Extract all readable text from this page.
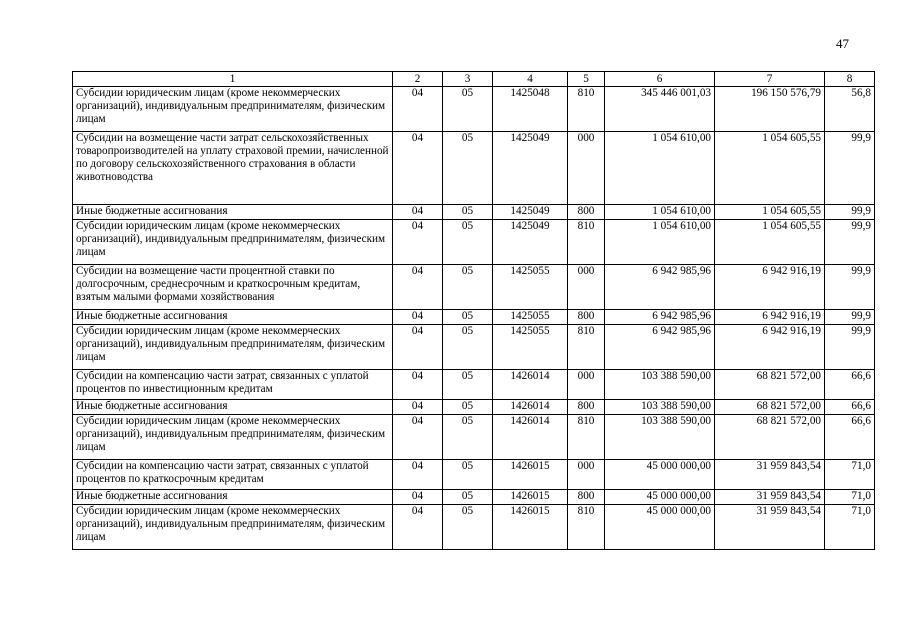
47
1	2	3	4	5	6	7	8
Субсидии юридическим лицам (кроме некоммерческих организаций), индивидуальным предпринимателям, физическим лицам	04	05	1425048	810	345 446 001,03	196 150 576,79	56,8
Субсидии на возмещение части затрат сельскохозяйственных товаропроизводителей на уплату страховой премии, начисленной по договору сельскохозяйственного страхования в области животноводства	04	05	1425049	000	1 054 610,00	1 054 605,55	99,9
Иные бюджетные ассигнования	04	05	1425049	800	1 054 610,00	1 054 605,55	99,9
Субсидии юридическим лицам (кроме некоммерческих организаций), индивидуальным предпринимателям, физическим лицам	04	05	1425049	810	1 054 610,00	1 054 605,55	99,9
Субсидии на возмещение части процентной ставки по долгосрочным, среднесрочным и краткосрочным кредитам, взятым малыми формами хозяйствования	04	05	1425055	000	6 942 985,96	6 942 916,19	99,9
Иные бюджетные ассигнования	04	05	1425055	800	6 942 985,96	6 942 916,19	99,9
Субсидии юридическим лицам (кроме некоммерческих организаций), индивидуальным предпринимателям, физическим лицам	04	05	1425055	810	6 942 985,96	6 942 916,19	99,9
Субсидии на компенсацию части затрат, связанных с уплатой процентов по инвестиционным кредитам	04	05	1426014	000	103 388 590,00	68 821 572,00	66,6
Иные бюджетные ассигнования	04	05	1426014	800	103 388 590,00	68 821 572,00	66,6
Субсидии юридическим лицам (кроме некоммерческих организаций), индивидуальным предпринимателям, физическим лицам	04	05	1426014	810	103 388 590,00	68 821 572,00	66,6
Субсидии на компенсацию части затрат, связанных с уплатой процентов по краткосрочным кредитам	04	05	1426015	000	45 000 000,00	31 959 843,54	71,0
Иные бюджетные ассигнования	04	05	1426015	800	45 000 000,00	31 959 843,54	71,0
Субсидии юридическим лицам (кроме некоммерческих организаций), индивидуальным предпринимателям, физическим лицам	04	05	1426015	810	45 000 000,00	31 959 843,54	71,0
